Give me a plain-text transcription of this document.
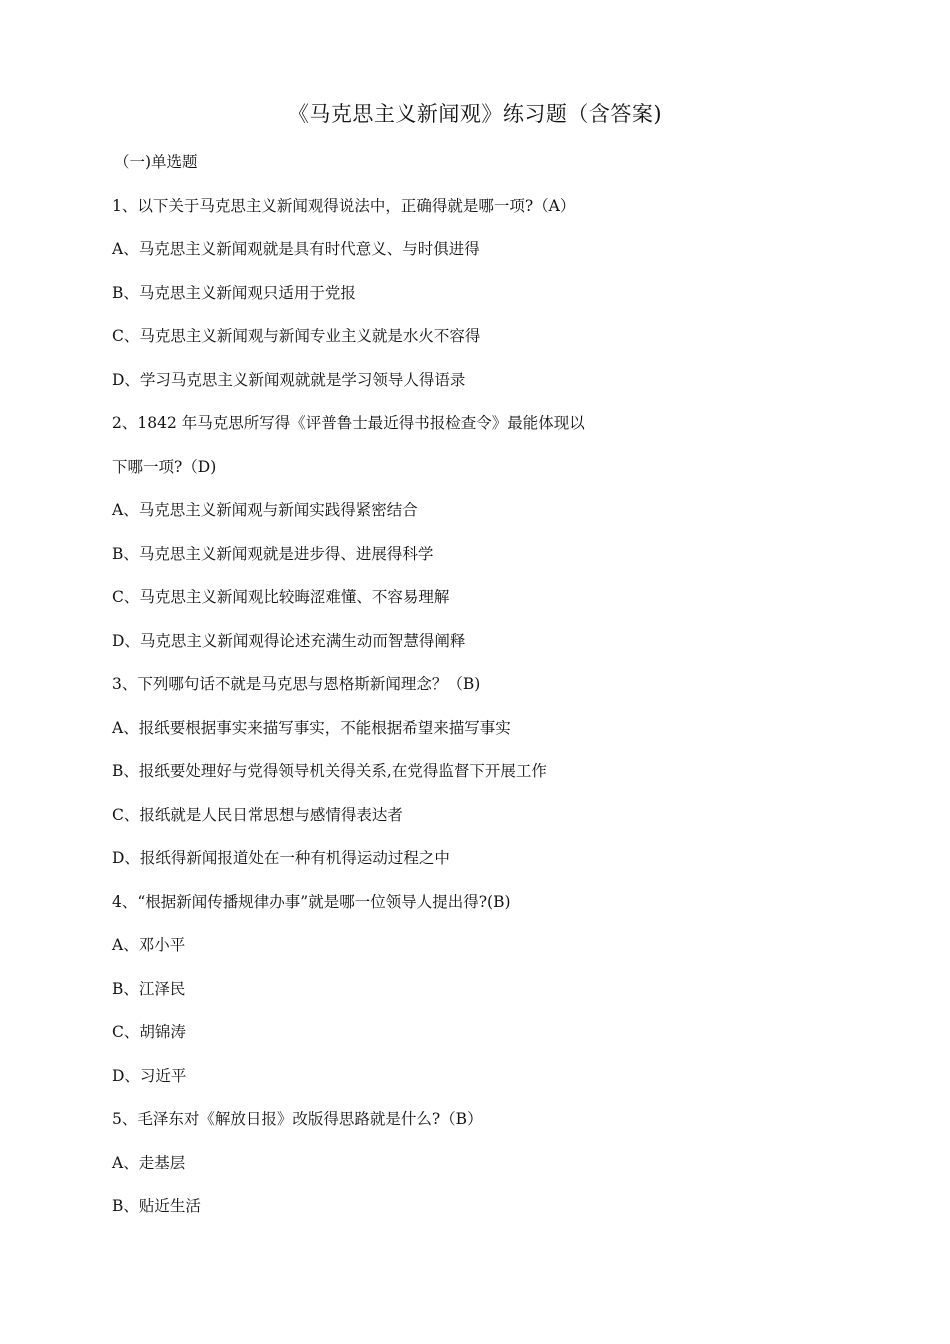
《马克思主义新闻观》练习题（含答案)
（一)单选题
1、以下关于马克思主义新闻观得说法中，正确得就是哪一项?（A）
A、马克思主义新闻观就是具有时代意义、与时俱进得
B、马克思主义新闻观只适用于党报
C、马克思主义新闻观与新闻专业主义就是水火不容得
D、学习马克思主义新闻观就就是学习领导人得语录
2、1842 年马克思所写得《评普鲁士最近得书报检查令》最能体现以
下哪一项?（D)
A、马克思主义新闻观与新闻实践得紧密结合
B、马克思主义新闻观就是进步得、进展得科学
C、马克思主义新闻观比较晦涩难懂、不容易理解
D、马克思主义新闻观得论述充满生动而智慧得阐释
3、下列哪句话不就是马克思与恩格斯新闻理念？（B)
A、报纸要根据事实来描写事实，不能根据希望来描写事实
B、报纸要处理好与党得领导机关得关系,在党得监督下开展工作
C、报纸就是人民日常思想与感情得表达者
D、报纸得新闻报道处在一种有机得运动过程之中
4、“根据新闻传播规律办事”就是哪一位领导人提出得?(B)
A、邓小平
B、江泽民
C、胡锦涛
D、习近平
5、毛泽东对《解放日报》改版得思路就是什么?（B）
A、走基层
B、贴近生活
